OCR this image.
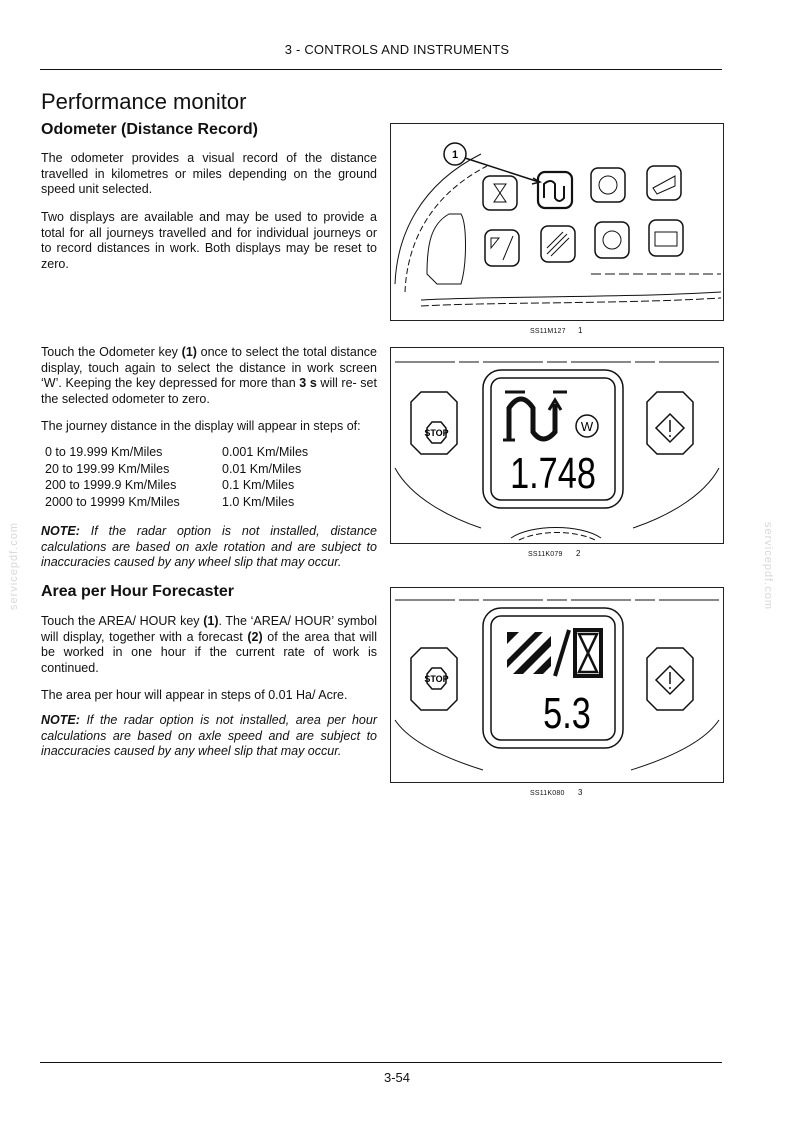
3 - CONTROLS AND INSTRUMENTS
Performance monitor
Odometer (Distance Record)
The odometer provides a visual record of the distance travelled in kilometres or miles depending on the ground speed unit selected.
Two displays are available and may be used to provide a total for all journeys travelled and for individual journeys or to record distances in work. Both displays may be reset to zero.
Touch the Odometer key (1) once to select the total distance display, touch again to select the distance in work screen ‘W’. Keeping the key depressed for more than 3 s will re- set the selected odometer to zero.
The journey distance in the display will appear in steps of:
0 to 19.999 Km/Miles	0.001 Km/Miles
20 to 199.99 Km/Miles	0.01 Km/Miles
200 to 1999.9 Km/Miles	0.1 Km/Miles
2000 to 19999 Km/Miles	1.0 Km/Miles
NOTE: If the radar option is not installed, distance calculations are based on axle rotation and are subject to inaccuracies caused by any wheel slip that may occur.
Area per Hour Forecaster
Touch the AREA/ HOUR key (1). The ‘AREA/ HOUR’ symbol will display, together with a forecast (2) of the area that will be worked in one hour if the current rate of work is continued.
The area per hour will appear in steps of 0.01 Ha/ Acre.
NOTE: If the radar option is not installed, area per hour calculations are based on axle speed and are subject to inaccuracies caused by any wheel slip that may occur.
1
SS11M127 1
STOP	W
1.748
SS11K079 2
STOP
5.3
SS11K080 3
servicepdf.com	servicepdf.com
3-54
